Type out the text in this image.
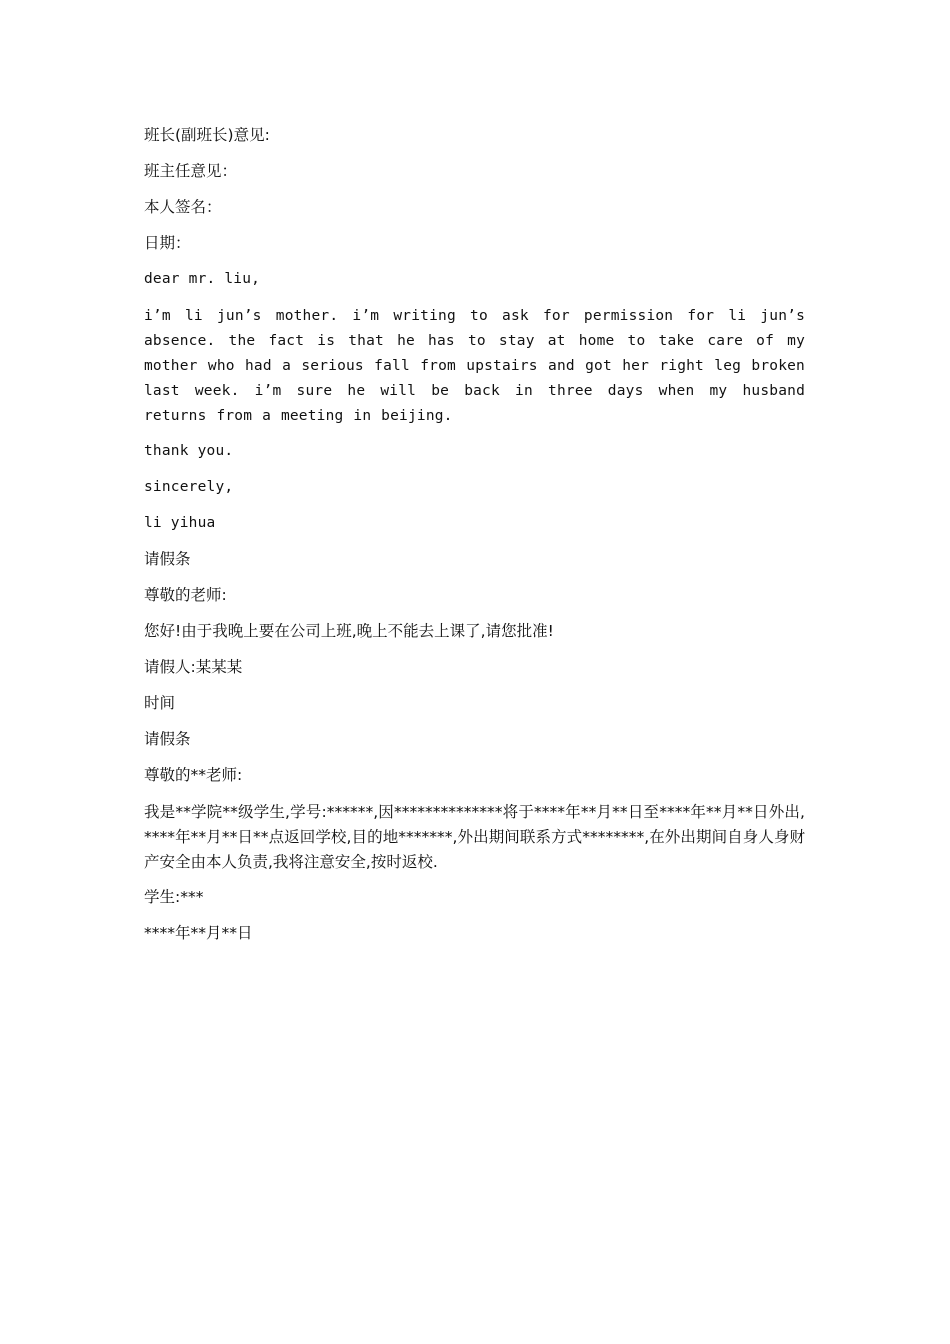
班长(副班长)意见:
班主任意见：
本人签名：
日期：
dear mr. liu,
i’m li jun’s mother. i’m writing to ask for permission for li jun’s absence. the fact is that he has to stay at home to take care of my mother who had a serious fall from upstairs and got her right leg broken last week. i’m sure he will be back in three days when my husband returns from a meeting in beijing.
thank you.
sincerely,
li yihua
请假条
尊敬的老师:
您好!由于我晚上要在公司上班,晚上不能去上课了,请您批准!
请假人:某某某
时间
请假条
尊敬的**老师:
我是**学院**级学生,学号:******,因**************将于****年**月**日至****年**月**日外出,****年**月**日**点返回学校,目的地*******,外出期间联系方式********,在外出期间自身人身财产安全由本人负责,我将注意安全,按时返校.
学生:***
****年**月**日
